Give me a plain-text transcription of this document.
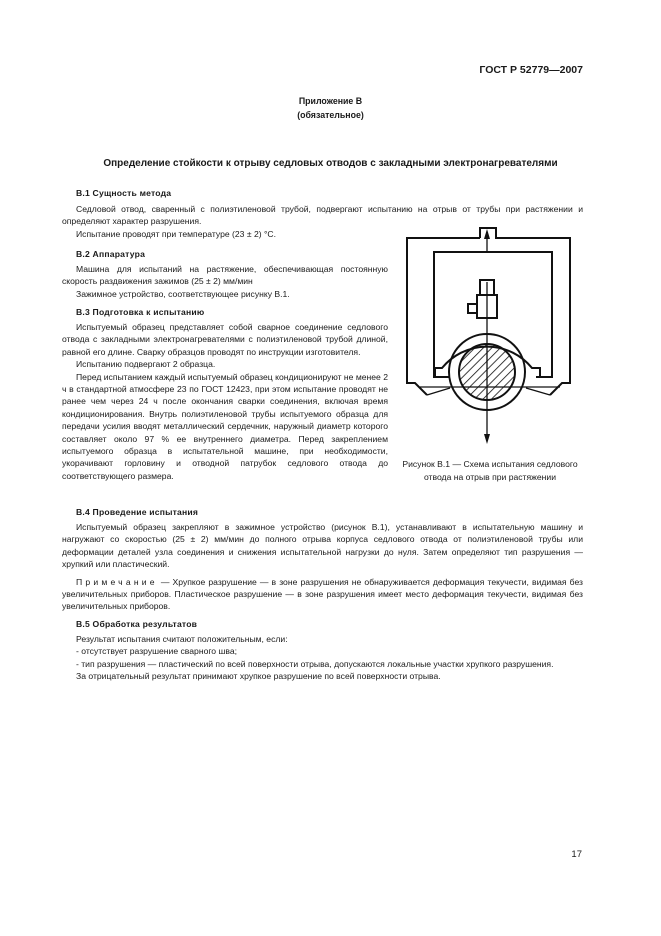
ГОСТ Р 52779—2007
Приложение В
(обязательное)
Определение стойкости к отрыву седловых отводов с закладными электронагревателями
В.1 Сущность метода

Седловой отвод, сваренный с полиэтиленовой трубой, подвергают испытанию на отрыв от трубы при растяжении и определяют характер разрушения.

Испытание проводят при температуре (23 ± 2) °С.

В.2 Аппаратура

Машина для испытаний на растяжение, обеспечивающая постоянную скорость раздвижения зажимов (25 ± 2) мм/мин

Зажимное устройство, соответствующее рисунку В.1.

В.3 Подготовка к испытанию

Испытуемый образец представляет собой сварное соединение седлового отвода с закладными электронагревателями с полиэтиленовой трубой длиной, равной его длине. Сварку образцов проводят по инструкции изготовителя.

Испытанию подвергают 2 образца.

Перед испытанием каждый испытуемый образец кондиционируют не менее 2 ч в стандартной атмосфере 23 по ГОСТ 12423, при этом испытание проводят не ранее чем через 24 ч после окончания сварки соединения, включая время кондиционирования. Внутрь полиэтиленовой трубы испытуемого образца для передачи усилия вводят металлический сердечник, наружный диаметр которого составляет около 97 % ее внутреннего диаметра. Перед закреплением испытуемого образца в испытательной машине, при необходимости, укорачивают горловину и отводной патрубок седлового отвода до соответствующего размера.

Рисунок В.1 — Схема испытания седлового отвода на отрыв при растяжении
В.4 Проведение испытания

Испытуемый образец закрепляют в зажимное устройство (рисунок В.1), устанавливают в испытательную машину и нагружают со скоростью (25 ± 2) мм/мин до полного отрыва корпуса седлового отвода от полиэтиленовой трубы или деформации деталей узла соединения и снижения испытательной нагрузки до нуля. Затем определяют тип разрушения — хрупкий или пластический.

Примечание — Хрупкое разрушение — в зоне разрушения не обнаруживается деформация текучести, видимая без увеличительных приборов. Пластическое разрушение — в зоне разрушения имеет место деформация текучести, видимая без увеличительных приборов.

В.5 Обработка результатов

Результат испытания считают положительным, если:

- отсутствует разрушение сварного шва;

- тип разрушения — пластический по всей поверхности отрыва, допускаются локальные участки хрупкого разрушения.

За отрицательный результат принимают хрупкое разрушение по всей поверхности отрыва.

17
